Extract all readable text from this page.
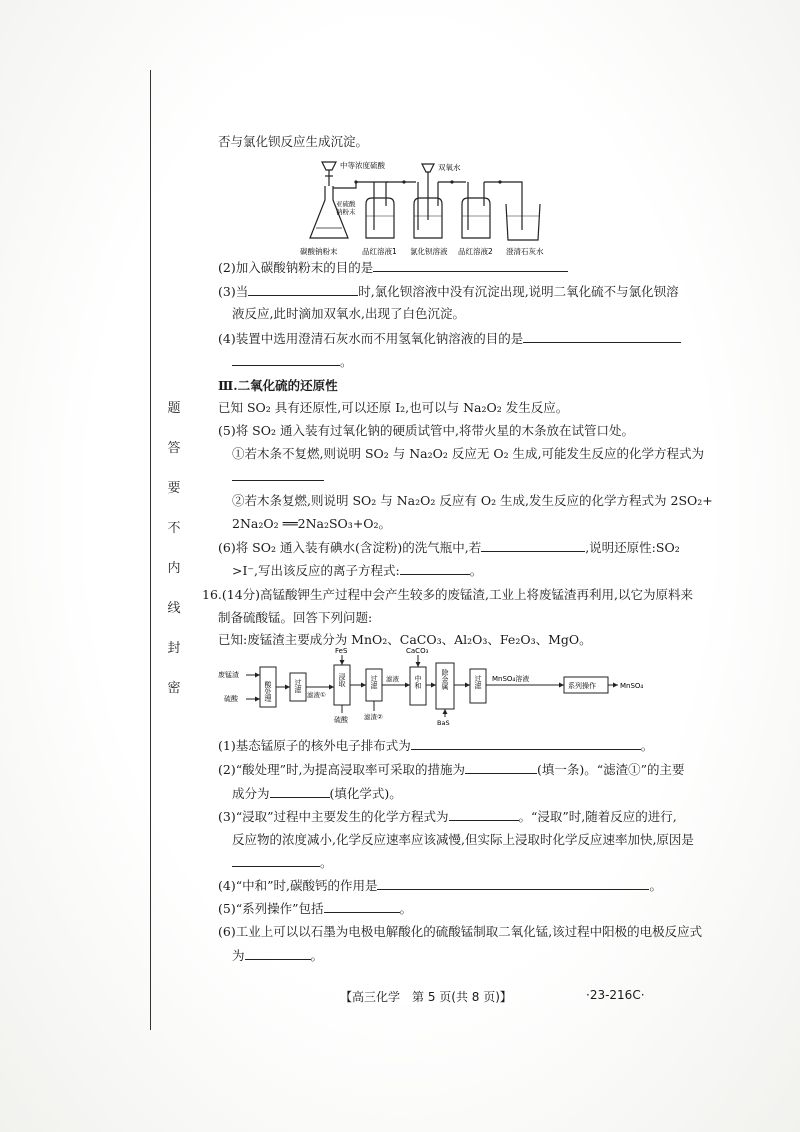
题
答
要
不
内
线
封
密
否与氯化钡反应生成沉淀。
中等浓度硫酸	双氧水
亚硫酸
钠粉末
碳酸钠粉末	品红溶液1 氯化钡溶液 品红溶液2 澄清石灰水
(2)加入碳酸钠粉末的目的是
(3)当	时,氯化钡溶液中没有沉淀出现,说明二氧化硫不与氯化钡溶
液反应,此时滴加双氧水,出现了白色沉淀。
(4)装置中选用澄清石灰水而不用氢氧化钠溶液的目的是
。
Ⅲ.二氧化硫的还原性
已知 SO₂ 具有还原性,可以还原 I₂,也可以与 Na₂O₂ 发生反应。
(5)将 SO₂ 通入装有过氧化钠的硬质试管中,将带火星的木条放在试管口处。
①若木条不复燃,则说明 SO₂ 与 Na₂O₂ 反应无 O₂ 生成,可能发生反应的化学方程式为
②若木条复燃,则说明 SO₂ 与 Na₂O₂ 反应有 O₂ 生成,发生反应的化学方程式为 2SO₂+
2Na₂O₂ ══2Na₂SO₃+O₂。
(6)将 SO₂ 通入装有碘水(含淀粉)的洗气瓶中,若	,说明还原性:SO₂
>I⁻,写出该反应的离子方程式:	。
16.(14分)高锰酸钾生产过程中会产生较多的废锰渣,工业上将废锰渣再利用,以它为原料来
制备硫酸锰。回答下列问题:
已知:废锰渣主要成分为 MnO₂、CaCO₃、Al₂O₃、Fe₂O₃、MgO。
废锰渣
硫酸	酸处理	过滤
滤液①
浸取
FeS
硫酸
过滤
滤渣②
滤液 中和
CaCO₃
除金属
BaS
过滤 MnSO₄溶液
系列操作	MnSO₄
(1)基态锰原子的核外电子排布式为	。
(2)“酸处理”时,为提高浸取率可采取的措施为	(填一条)。“滤渣①”的主要
成分为	(填化学式)。
(3)“浸取”过程中主要发生的化学方程式为	。“浸取”时,随着反应的进行,
反应物的浓度减小,化学反应速率应该减慢,但实际上浸取时化学反应速率加快,原因是
。
(4)“中和”时,碳酸钙的作用是	。
(5)“系列操作”包括	。
(6)工业上可以以石墨为电极电解酸化的硫酸锰制取二氧化锰,该过程中阳极的电极反应式
为	。
【高三化学　第 5 页(共 8 页)】	·23-216C·
